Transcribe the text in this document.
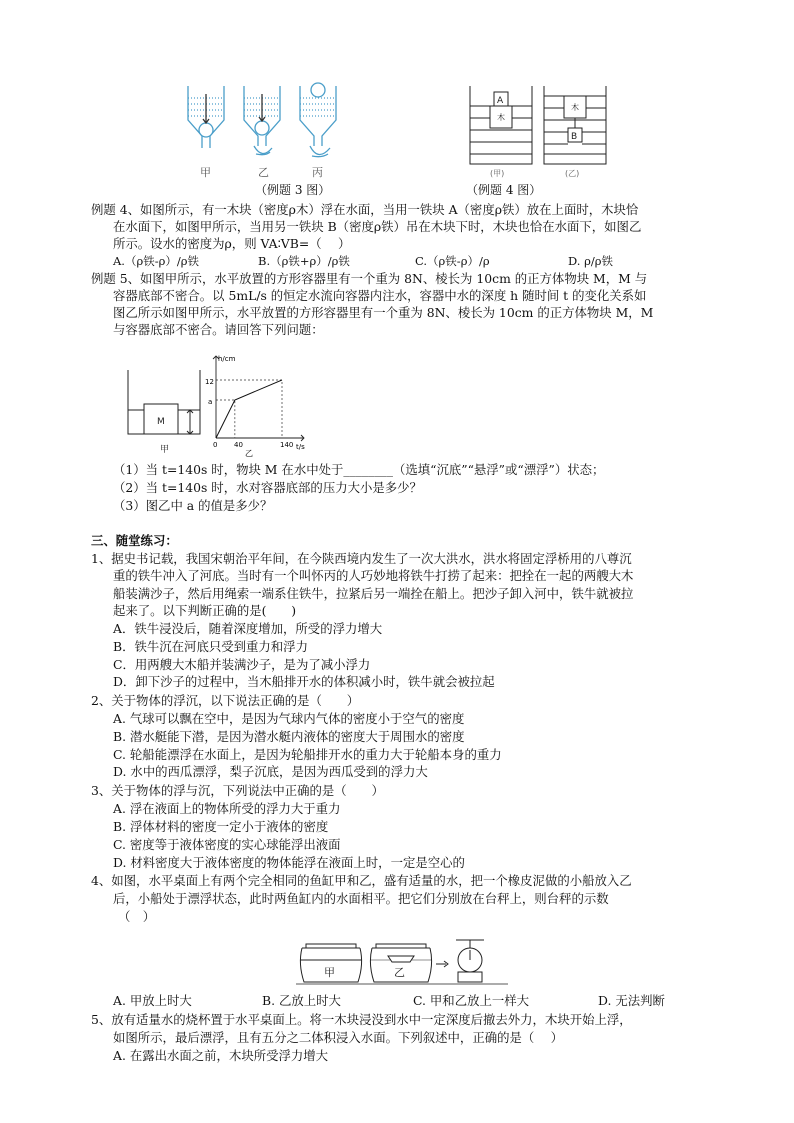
甲	乙	丙
A
木
木
B
(甲)	(乙)
（例题 3 图）	（例题 4 图）
例题 4、如图所示，有一木块（密度ρ木）浮在水面，当用一铁块 A（密度ρ铁）放在上面时，木块恰
在水面下，如图甲所示，当用另一铁块 B（密度ρ铁）吊在木块下时，木块也恰在水面下，如图乙
所示。设水的密度为ρ，则 VA∶VB=（　 ）
A.（ρ铁-ρ）/ρ铁	B.（ρ铁+ρ）/ρ铁	C.（ρ铁-ρ）/ρ	D. ρ/ρ铁
例题 5、如图甲所示，水平放置的方形容器里有一个重为 8N、棱长为 10cm 的正方体物块 M，M 与
容器底部不密合。以 5mL/s 的恒定水流向容器内注水，容器中水的深度 h 随时间 t 的变化关系如
图乙所示如图甲所示，水平放置的方形容器里有一个重为 8N、棱长为 10cm 的正方体物块 M，M
与容器底部不密合。请回答下列问题：
M
甲
h/cm
t/s
12
a
0 40	140
乙
（1）当 t=140s 时，物块 M 在水中处于________（选填“沉底”“悬浮”或“漂浮”）状态；
（2）当 t=140s 时，水对容器底部的压力大小是多少？
（3）图乙中 a 的值是多少？
三、随堂练习：
1、据史书记载，我国宋朝治平年间，在今陕西境内发生了一次大洪水，洪水将固定浮桥用的八尊沉
重的铁牛冲入了河底。当时有一个叫怀丙的人巧妙地将铁牛打捞了起来：把拴在一起的两艘大木
船装满沙子，然后用绳索一端系住铁牛，拉紧后另一端拴在船上。把沙子卸入河中，铁牛就被拉
起来了。以下判断正确的是(　　)
A．铁牛浸没后，随着深度增加，所受的浮力增大
B．铁牛沉在河底只受到重力和浮力
C．用两艘大木船并装满沙子，是为了减小浮力
D．卸下沙子的过程中，当木船排开水的体积减小时，铁牛就会被拉起
2、关于物体的浮沉，以下说法正确的是（　　）
A. 气球可以飘在空中，是因为气球内气体的密度小于空气的密度
B. 潜水艇能下潜，是因为潜水艇内液体的密度大于周围水的密度
C. 轮船能漂浮在水面上，是因为轮船排开水的重力大于轮船本身的重力
D. 水中的西瓜漂浮，梨子沉底，是因为西瓜受到的浮力大
3、关于物体的浮与沉，下列说法中正确的是（　　）
A. 浮在液面上的物体所受的浮力大于重力
B. 浮体材料的密度一定小于液体的密度
C. 密度等于液体密度的实心球能浮出液面
D. 材料密度大于液体密度的物体能浮在液面上时，一定是空心的
4、如图，水平桌面上有两个完全相同的鱼缸甲和乙，盛有适量的水，把一个橡皮泥做的小船放入乙
后，小船处于漂浮状态，此时两鱼缸内的水面相平。把它们分别放在台秤上，则台秤的示数
（　）
甲	乙
A. 甲放上时大	B. 乙放上时大	C. 甲和乙放上一样大	D. 无法判断
5、放有适量水的烧杯置于水平桌面上。将一木块浸没到水中一定深度后撤去外力，木块开始上浮，
如图所示，最后漂浮，且有五分之二体积浸入水面。下列叙述中，正确的是（　 ）
A. 在露出水面之前，木块所受浮力增大
